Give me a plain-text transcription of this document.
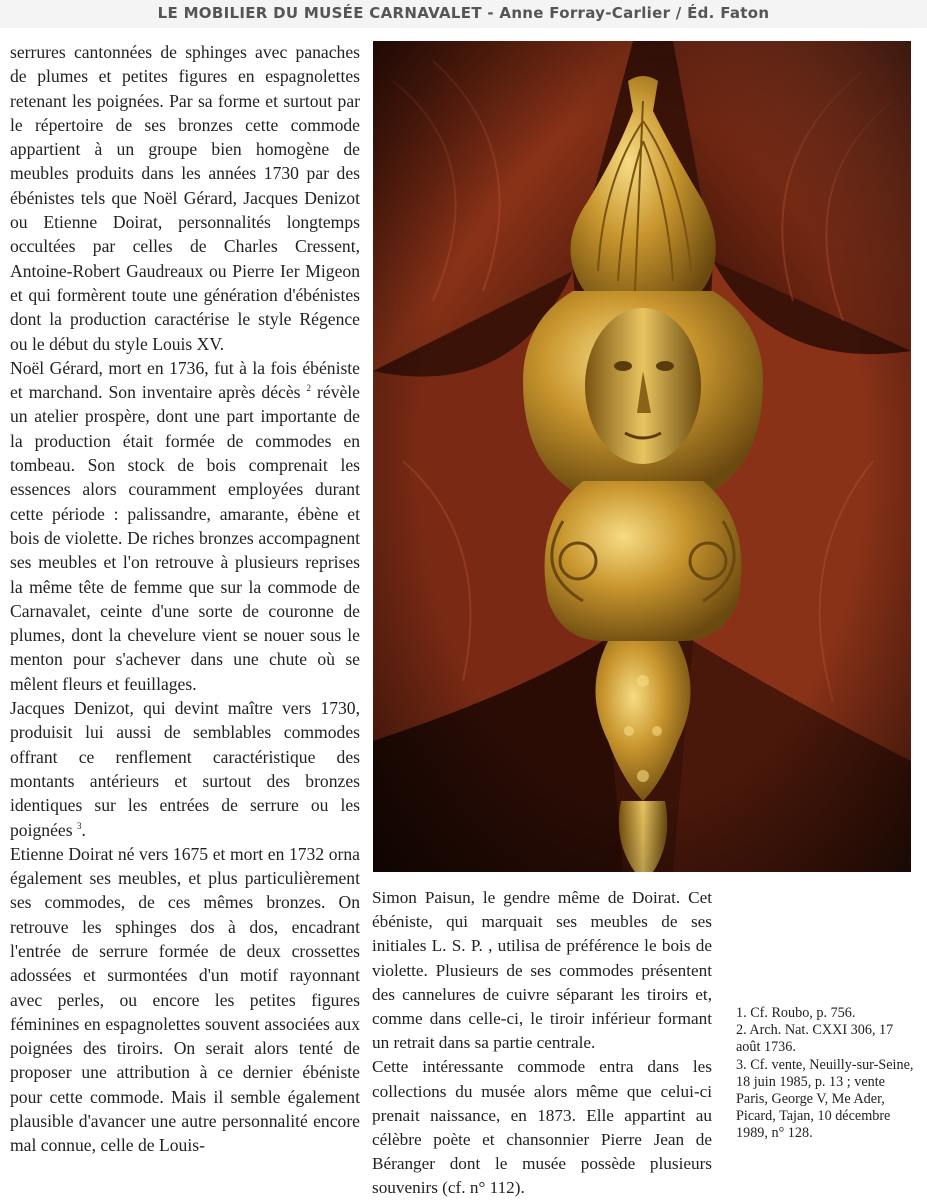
LE MOBILIER DU MUSÉE CARNAVALET - Anne Forray-Carlier / Éd. Faton

serrures cantonnées de sphinges avec panaches de plumes et petites figures en espagnolettes retenant les poignées. Par sa forme et surtout par le répertoire de ses bronzes cette commode appartient à un groupe bien homogène de meubles produits dans les années 1730 par des ébénistes tels que Noël Gérard, Jacques Denizot ou Etienne Doirat, personnalités longtemps occultées par celles de Charles Cressent, Antoine-Robert Gaudreaux ou Pierre Ier Migeon et qui formèrent toute une génération d'ébénistes dont la production caractérise le style Régence ou le début du style Louis XV.

Noël Gérard, mort en 1736, fut à la fois ébéniste et marchand. Son inventaire après décès $^2$ révèle un atelier prospère, dont une part importante de la production était formée de commodes en tombeau. Son stock de bois comprenait les essences alors couramment employées durant cette période : palissandre, amarante, ébène et bois de violette. De riches bronzes accompagnent ses meubles et l'on retrouve à plusieurs reprises la même tête de femme que sur la commode de Carnavalet, ceinte d'une sorte de couronne de plumes, dont la chevelure vient se nouer sous le menton pour s'achever dans une chute où se mêlent fleurs et feuillages.

Jacques Denizot, qui devint maître vers 1730, produisit lui aussi de semblables commodes offrant ce renflement caractéristique des montants antérieurs et surtout des bronzes identiques sur les entrées de serrure ou les poignées $^3$.

Etienne Doirat né vers 1675 et mort en 1732 orna également ses meubles, et plus particulièrement ses commodes, de ces mêmes bronzes. On retrouve les sphinges dos à dos, encadrant l'entrée de serrure formée de deux crossettes adossées et surmontées d'un motif rayonnant avec perles, ou encore les petites figures féminines en espagnolettes souvent associées aux poignées des tiroirs. On serait alors tenté de proposer une attribution à ce dernier ébéniste pour cette commode. Mais il semble également plausible d'avancer une autre personnalité encore mal connue, celle de Louis-

Simon Paisun, le gendre même de Doirat. Cet ébéniste, qui marquait ses meubles de ses initiales L. S. P. , utilisa de préférence le bois de violette. Plusieurs de ses commodes présentent des cannelures de cuivre séparant les tiroirs et, comme dans celle-ci, le tiroir inférieur formant un retrait dans sa partie centrale.

Cette intéressante commode entra dans les collections du musée alors même que celui-ci prenait naissance, en 1873. Elle appartint au célèbre poète et chansonnier Pierre Jean de Béranger dont le musée possède plusieurs souvenirs (cf. n° 112).

1. Cf. Roubo, p. 756.
2. Arch. Nat. CXXI 306, 17 août 1736.
3. Cf. vente, Neuilly-sur-Seine, 18 juin 1985, p. 13 ; vente Paris, George V, Me Ader, Picard, Tajan, 10 décembre 1989, n° 128.
